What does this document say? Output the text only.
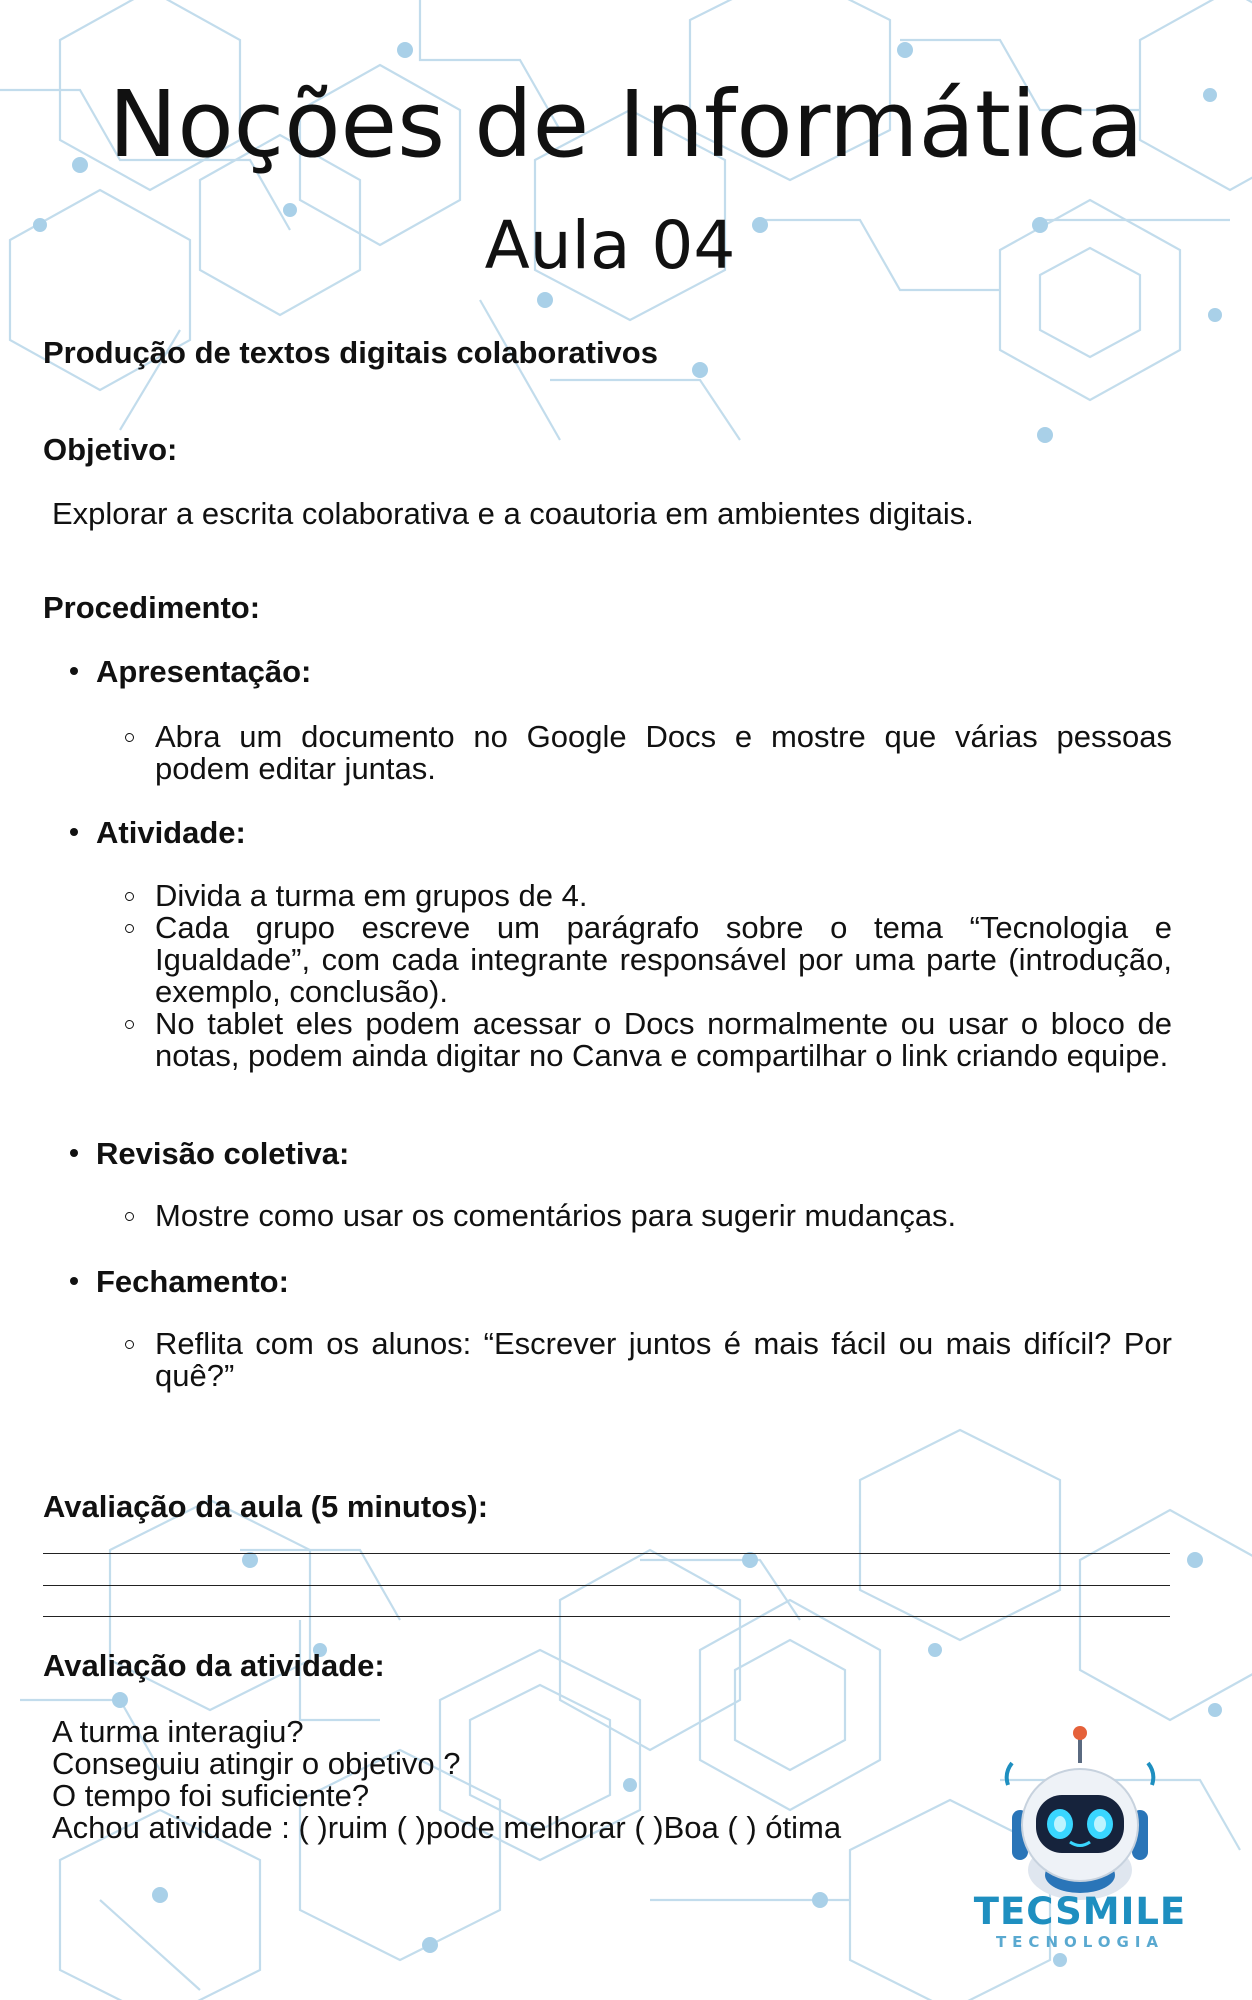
Noções de Informática
Aula 04
Produção de textos digitais colaborativos
Objetivo:
Explorar a escrita colaborativa e a coautoria em ambientes digitais.
Procedimento:
Apresentação:
Abra um documento no Google Docs e mostre que várias pessoas podem editar juntas.
Atividade:
Divida a turma em grupos de 4.
Cada grupo escreve um parágrafo sobre o tema “Tecnologia e Igualdade”, com cada integrante responsável por uma parte (introdução, exemplo, conclusão).
No tablet eles podem acessar o Docs normalmente ou usar o bloco de notas, podem ainda digitar no Canva e compartilhar o link criando equipe.
Revisão coletiva:
Mostre como usar os comentários para sugerir mudanças.
Fechamento:
Reflita com os alunos: “Escrever juntos é mais fácil ou mais difícil? Por quê?”
Avaliação da aula (5 minutos):
Avaliação da atividade:
A turma interagiu?
Conseguiu atingir o objetivo ?
O tempo foi suficiente?
Achou atividade : ( )ruim ( )pode melhorar ( )Boa ( ) ótima
TECSMILE
TECNOLOGIA
